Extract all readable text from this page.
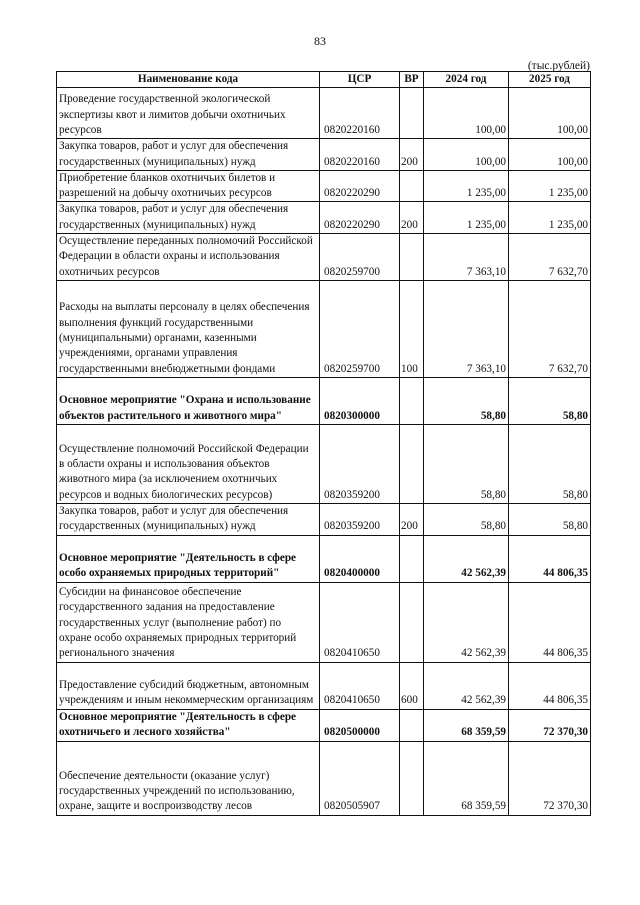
83
(тыс.рублей)
Наименование кода	ЦСР	ВР	2024 год	2025 год
Проведение государственной экологической экспертизы квот и лимитов добычи охотничьих ресурсов	0820220160		100,00	100,00
Закупка товаров, работ и услуг для обеспечения государственных (муниципальных) нужд	0820220160	200	100,00	100,00
Приобретение бланков охотничьих билетов и разрешений на добычу охотничьих ресурсов	0820220290		1 235,00	1 235,00
Закупка товаров, работ и услуг для обеспечения государственных (муниципальных) нужд	0820220290	200	1 235,00	1 235,00
Осуществление переданных полномочий Российской Федерации в области охраны и использования охотничьих ресурсов	0820259700		7 363,10	7 632,70
Расходы на выплаты персоналу в целях обеспечения выполнения функций государственными (муниципальными) органами, казенными учреждениями, органами управления государственными внебюджетными фондами	0820259700	100	7 363,10	7 632,70
Основное мероприятие "Охрана и использование объектов растительного и животного мира"	0820300000		58,80	58,80
Осуществление полномочий Российской Федерации в области охраны и использования объектов животного мира (за исключением охотничьих ресурсов и водных биологических ресурсов)	0820359200		58,80	58,80
Закупка товаров, работ и услуг для обеспечения государственных (муниципальных) нужд	0820359200	200	58,80	58,80
Основное мероприятие "Деятельность в сфере особо охраняемых природных территорий"	0820400000		42 562,39	44 806,35
Субсидии на финансовое обеспечение государственного задания на предоставление государственных услуг (выполнение работ) по охране особо охраняемых природных территорий регионального значения	0820410650		42 562,39	44 806,35
Предоставление субсидий бюджетным, автономным учреждениям и иным некоммерческим организациям	0820410650	600	42 562,39	44 806,35
Основное мероприятие "Деятельность в сфере охотничьего и лесного хозяйства"	0820500000		68 359,59	72 370,30
Обеспечение деятельности (оказание услуг) государственных учреждений по использованию, охране, защите и воспроизводству лесов	0820505907		68 359,59	72 370,30
